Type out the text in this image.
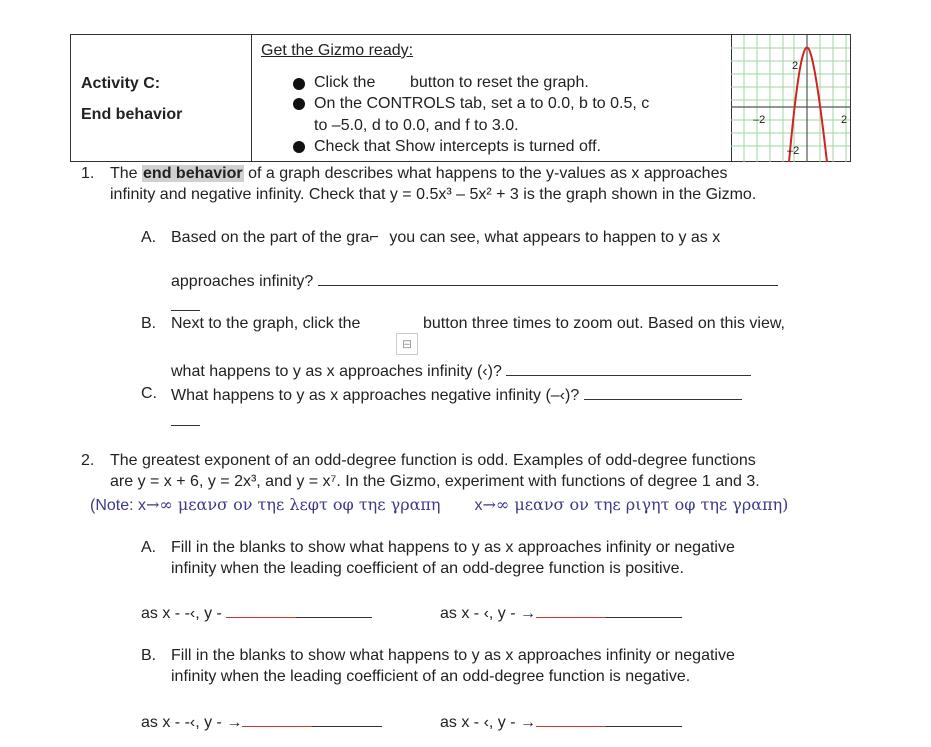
Activity C:
End behavior
Get the Gizmo ready:
Click the button to reset the graph.
On the CONTROLS tab, set a to 0.0, b to 0.5, c
to –5.0, d to 0.0, and f to 3.0.
Check that Show intercepts is turned off.
2
–2	2
–2
1. The end behavior of a graph describes what happens to the y-values as x approaches
infinity and negative infinity. Check that y = 0.5x³ – 5x² + 3 is the graph shown in the Gizmo.
A. Based on the part of the gra⌐ you can see, what appears to happen to y as x
approaches infinity?
B. Next to the graph, click the	button three times to zoom out. Based on this view,
⊟
what happens to y as x approaches infinity (‹)?
C. What happens to y as x approaches negative infinity (–‹)?
2. The greatest exponent of an odd-degree function is odd. Examples of odd-degree functions
are y = x + 6, y = 2x³, and y = x⁷. In the Gizmo, experiment with functions of degree 1 and 3.
(Note: x→∞ μεανσ ον τηε λεφτ οφ τηε γραπη x→∞ μεανσ ον τηε ριγητ οφ τηε γραπη)
A. Fill in the blanks to show what happens to y as x approaches infinity or negative
infinity when the leading coefficient of an odd-degree function is positive.
as x - -‹, y -	as x - ‹, y - →
B. Fill in the blanks to show what happens to y as x approaches infinity or negative
infinity when the leading coefficient of an odd-degree function is negative.
as x - -‹, y - →	as x - ‹, y - →
